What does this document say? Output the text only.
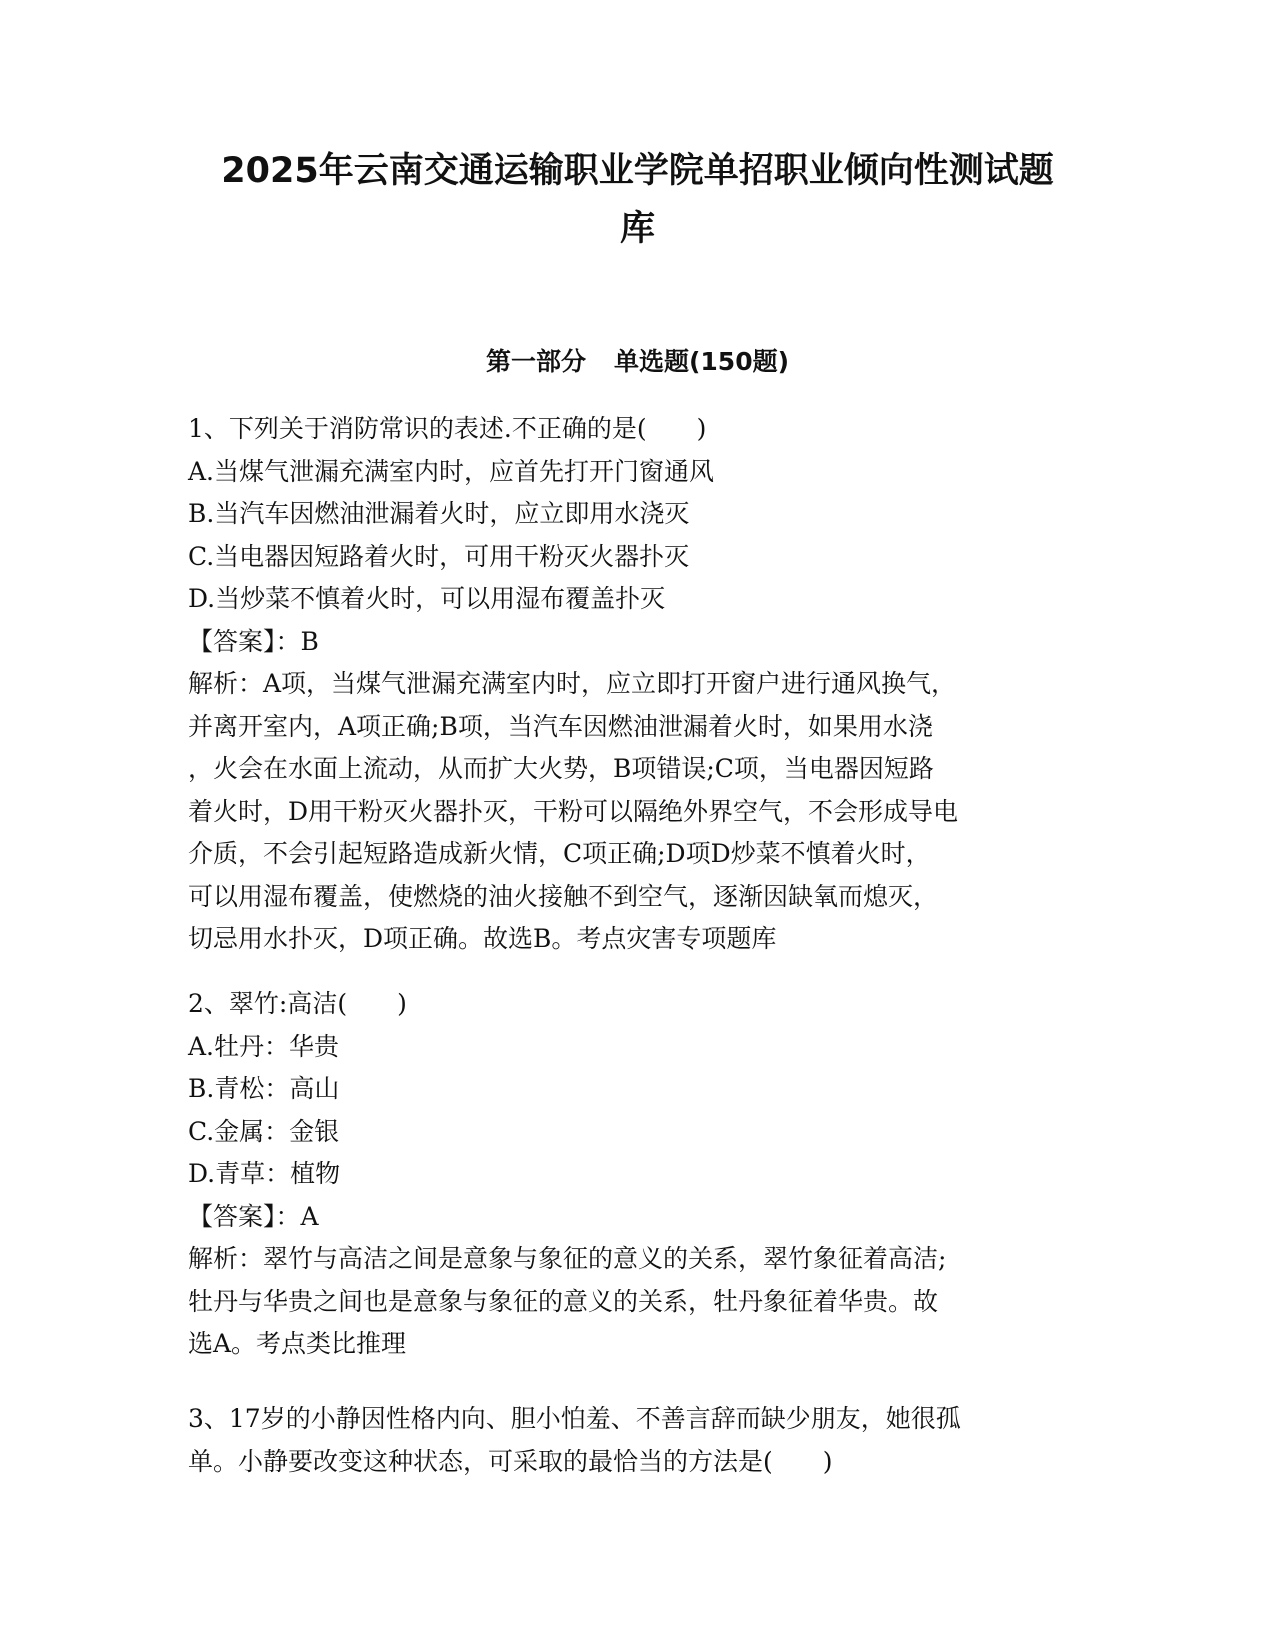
2025年云南交通运输职业学院单招职业倾向性测试题
库
第一部分 单选题(150题)
1、下列关于消防常识的表述.不正确的是(　　)
A.当煤气泄漏充满室内时，应首先打开门窗通风
B.当汽车因燃油泄漏着火时，应立即用水浇灭
C.当电器因短路着火时，可用干粉灭火器扑灭
D.当炒菜不慎着火时，可以用湿布覆盖扑灭
【答案】：B
解析：A项，当煤气泄漏充满室内时，应立即打开窗户进行通风换气，
并离开室内，A项正确;B项，当汽车因燃油泄漏着火时，如果用水浇
，火会在水面上流动，从而扩大火势，B项错误;C项，当电器因短路
着火时，D用干粉灭火器扑灭，干粉可以隔绝外界空气，不会形成导电
介质，不会引起短路造成新火情，C项正确;D项D炒菜不慎着火时，
可以用湿布覆盖，使燃烧的油火接触不到空气，逐渐因缺氧而熄灭，
切忌用水扑灭，D项正确。故选B。考点灾害专项题库
2、翠竹:高洁(　　)
A.牡丹：华贵
B.青松：高山
C.金属：金银
D.青草：植物
【答案】：A
解析：翠竹与高洁之间是意象与象征的意义的关系，翠竹象征着高洁;
牡丹与华贵之间也是意象与象征的意义的关系，牡丹象征着华贵。故
选A。考点类比推理
3、17岁的小静因性格内向、胆小怕羞、不善言辞而缺少朋友，她很孤
单。小静要改变这种状态，可采取的最恰当的方法是(　　)
